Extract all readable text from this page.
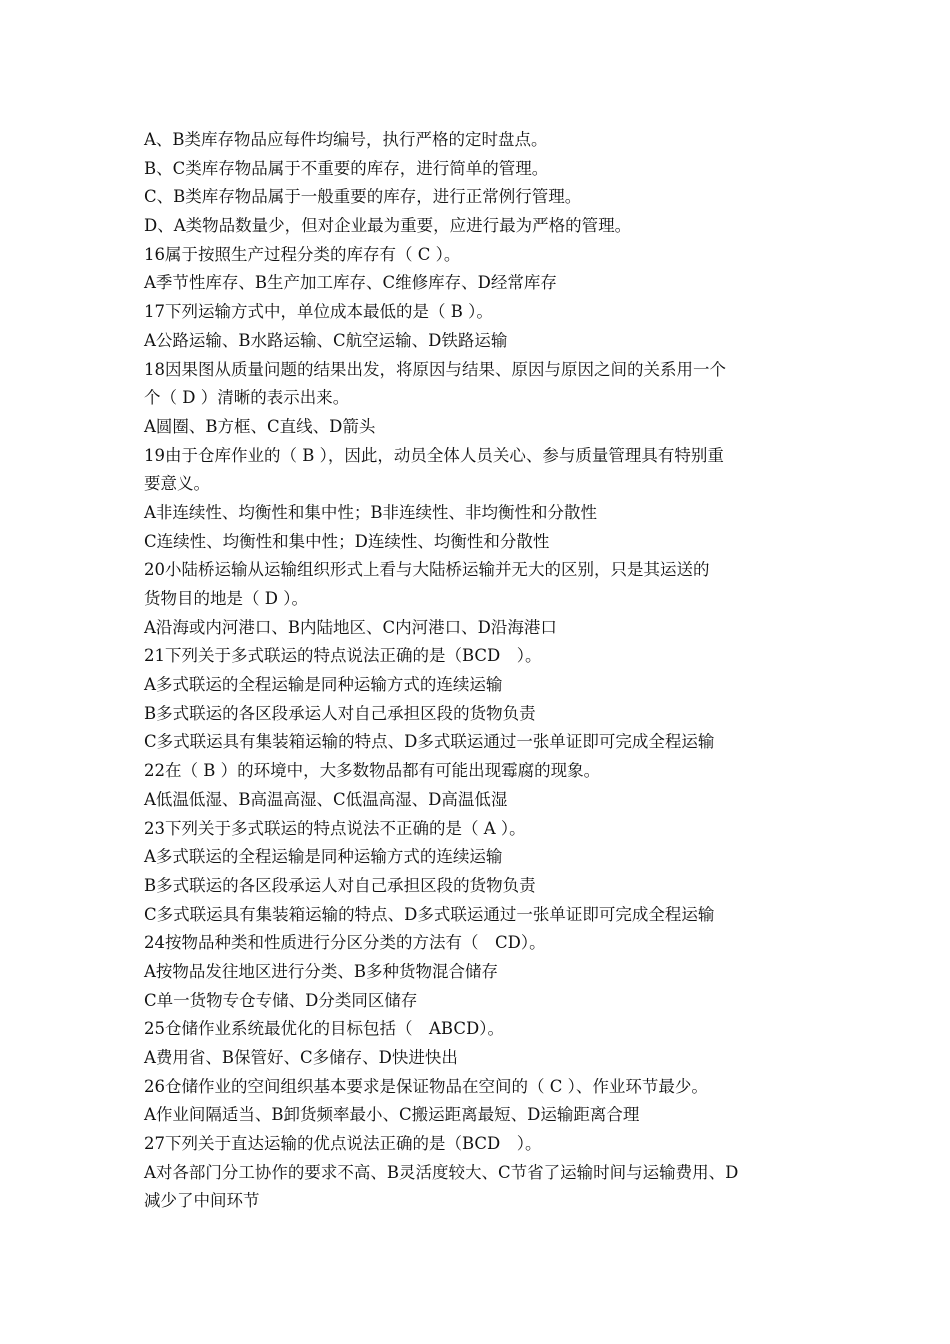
A、B类库存物品应每件均编号，执行严格的定时盘点。
B、C类库存物品属于不重要的库存，进行简单的管理。
C、B类库存物品属于一般重要的库存，进行正常例行管理。
D、A类物品数量少，但对企业最为重要，应进行最为严格的管理。
16属于按照生产过程分类的库存有（ C ）。
A季节性库存、B生产加工库存、C维修库存、D经常库存
17下列运输方式中，单位成本最低的是（ B ）。
A公路运输、B水路运输、C航空运输、D铁路运输
18因果图从质量问题的结果出发，将原因与结果、原因与原因之间的关系用一个
个（ D ）清晰的表示出来。
A圆圈、B方框、C直线、D箭头
19由于仓库作业的（ B ），因此，动员全体人员关心、参与质量管理具有特别重
要意义。
A非连续性、均衡性和集中性；B非连续性、非均衡性和分散性
C连续性、均衡性和集中性；D连续性、均衡性和分散性
20小陆桥运输从运输组织形式上看与大陆桥运输并无大的区别，只是其运送的
货物目的地是（ D ）。
A沿海或内河港口、B内陆地区、C内河港口、D沿海港口
21下列关于多式联运的特点说法正确的是（BCD　）。
A多式联运的全程运输是同种运输方式的连续运输
B多式联运的各区段承运人对自己承担区段的货物负责
C多式联运具有集装箱运输的特点、D多式联运通过一张单证即可完成全程运输
22在（ B ）的环境中，大多数物品都有可能出现霉腐的现象。
A低温低湿、B高温高湿、C低温高湿、D高温低湿
23下列关于多式联运的特点说法不正确的是（ A ）。
A多式联运的全程运输是同种运输方式的连续运输
B多式联运的各区段承运人对自己承担区段的货物负责
C多式联运具有集装箱运输的特点、D多式联运通过一张单证即可完成全程运输
24按物品种类和性质进行分区分类的方法有（　CD）。
A按物品发往地区进行分类、B多种货物混合储存
C单一货物专仓专储、D分类同区储存
25仓储作业系统最优化的目标包括（　ABCD）。
A费用省、B保管好、C多储存、D快进快出
26仓储作业的空间组织基本要求是保证物品在空间的（ C ）、作业环节最少。
A作业间隔适当、B卸货频率最小、C搬运距离最短、D运输距离合理
27下列关于直达运输的优点说法正确的是（BCD　）。
A对各部门分工协作的要求不高、B灵活度较大、C节省了运输时间与运输费用、D
减少了中间环节
